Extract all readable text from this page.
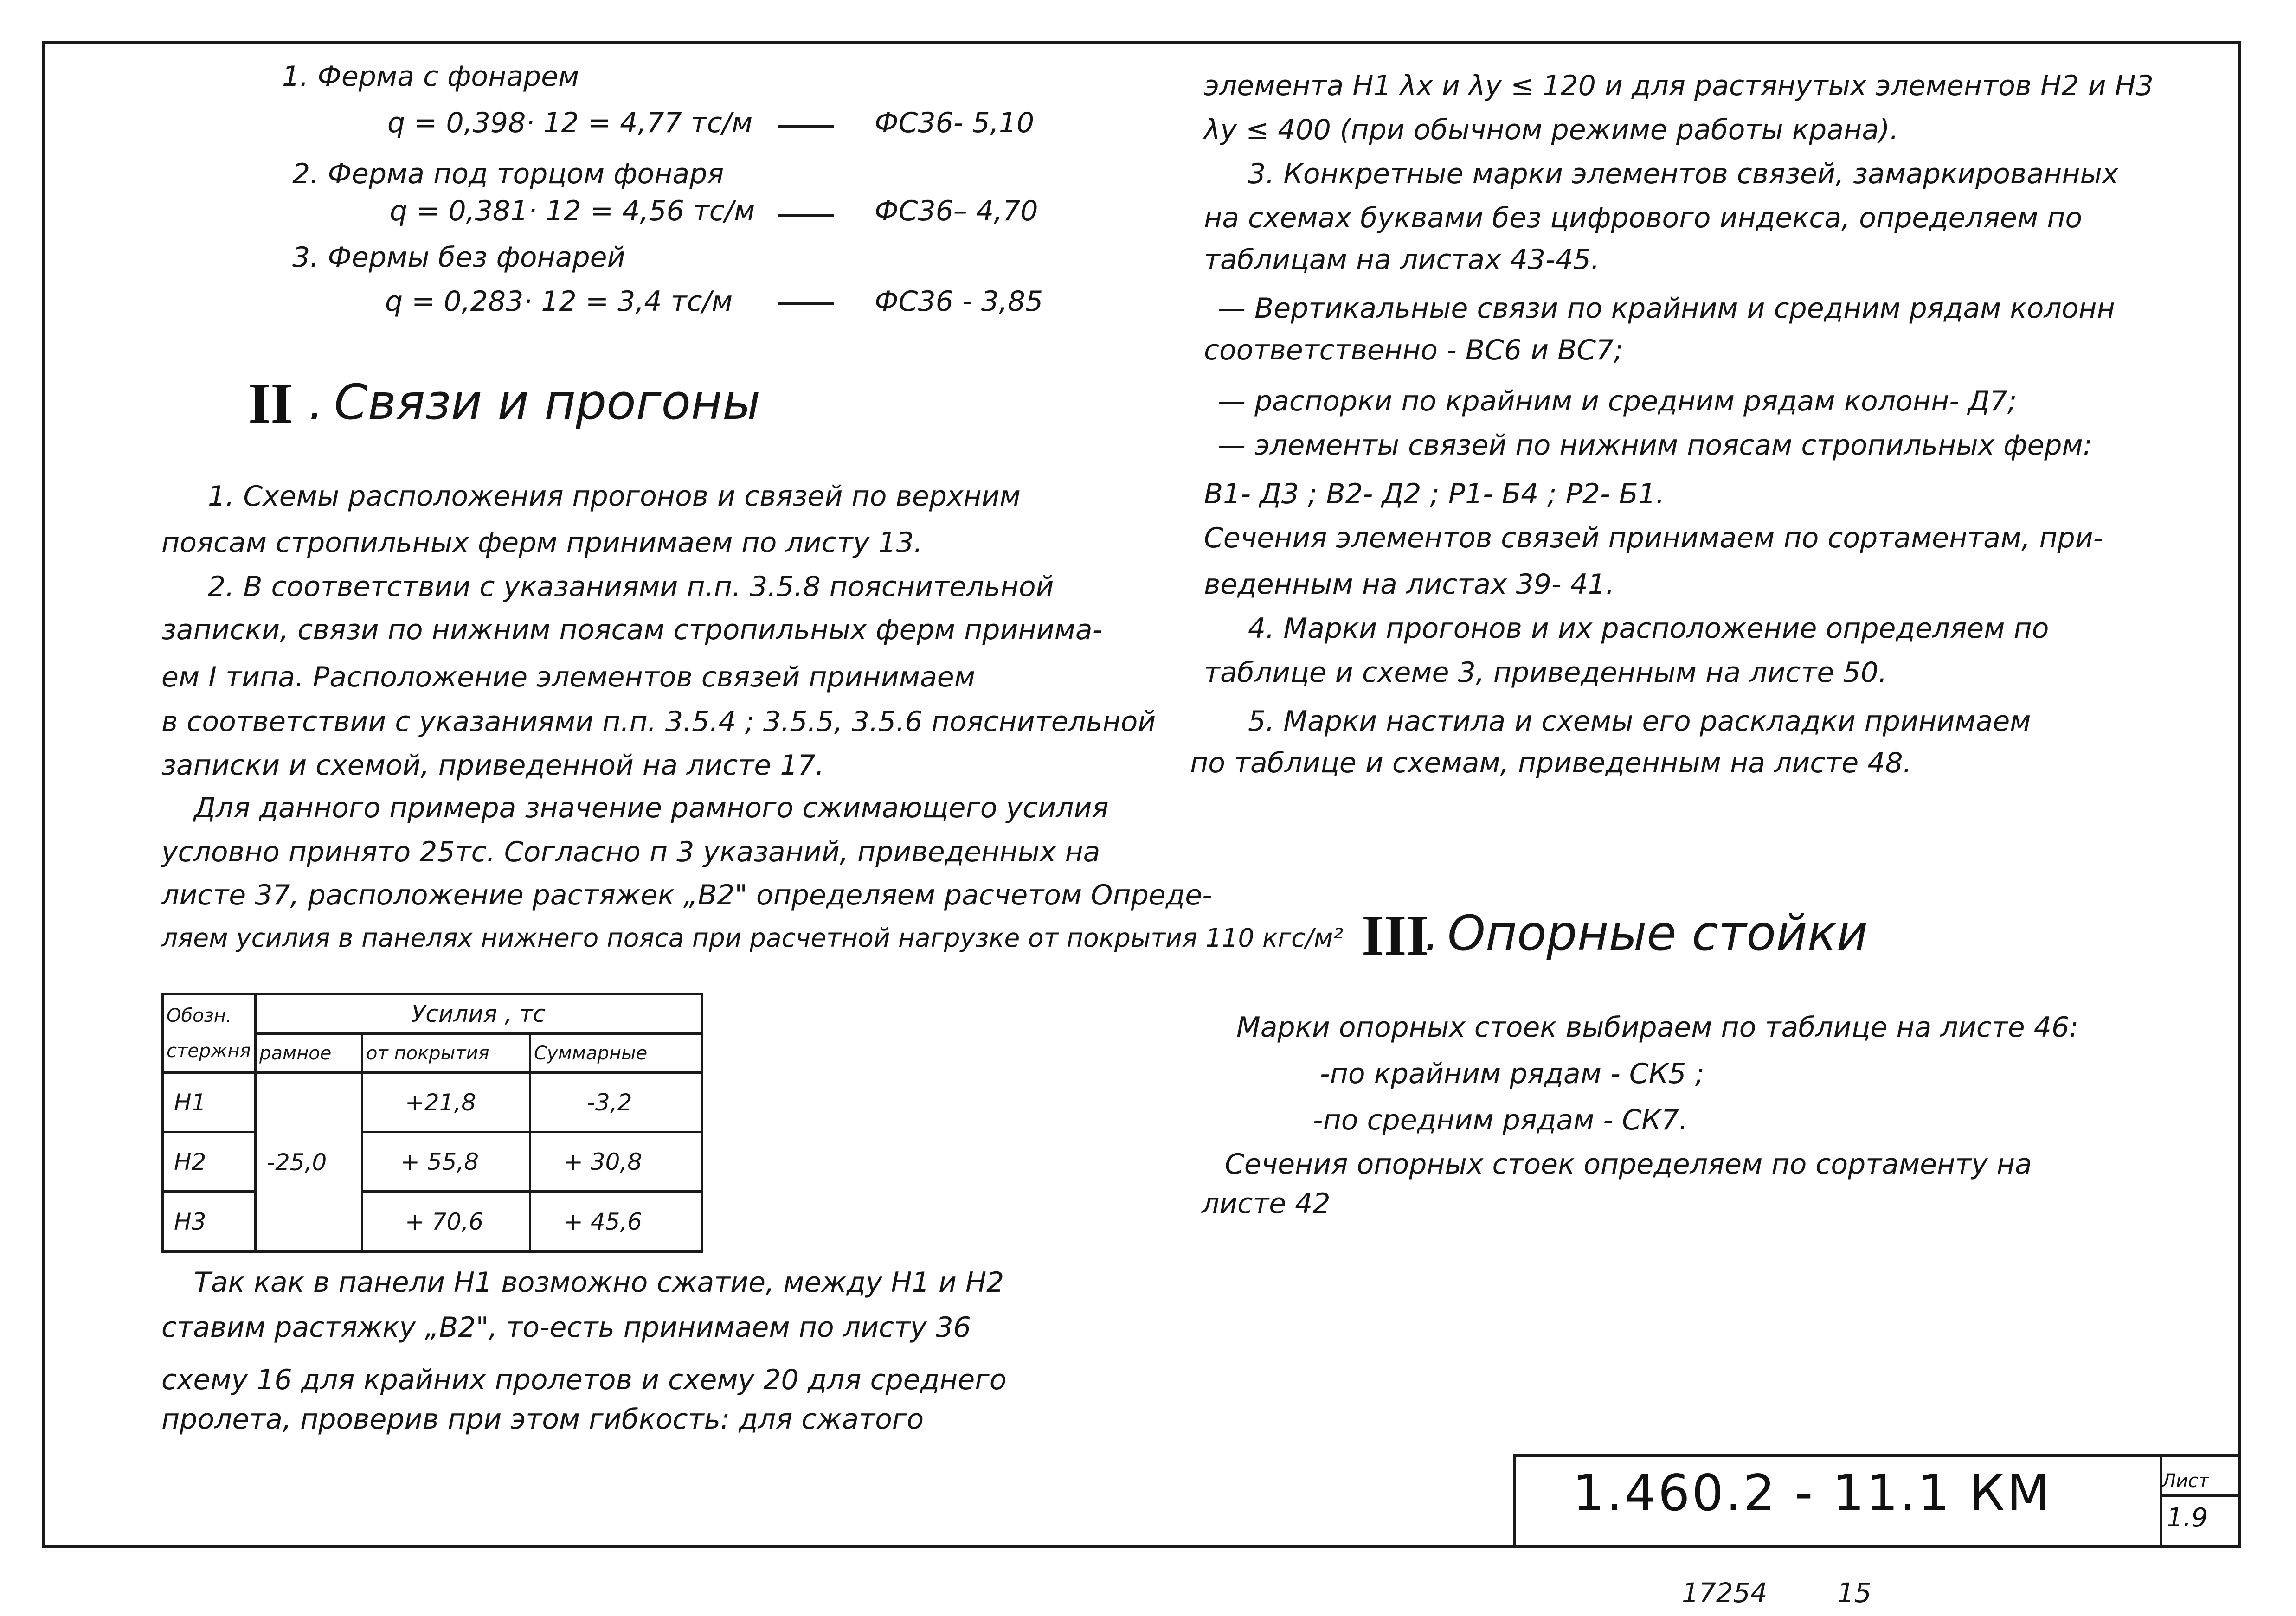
1. Ферма с фонарем
q = 0,398· 12 = 4,77 тс/м	ФС36- 5,10
2. Ферма под торцом фонаря
q = 0,381· 12 = 4,56 тс/м	ФС36– 4,70
3. Фермы без фонарей
q = 0,283· 12 = 3,4 тс/м	ФС36 - 3,85
II Связи и прогоны
.
1. Схемы расположения прогонов и связей по верхним
поясам стропильных ферм принимаем по листу 13.
2. В соответствии с указаниями п.п. 3.5.8 пояснительной
записки, связи по нижним поясам стропильных ферм принима-
ем I типа. Расположение элементов связей принимаем
в соответствии с указаниями п.п. 3.5.4 ; 3.5.5, 3.5.6 пояснительной
записки и схемой, приведенной на листе 17.
Для данного примера значение рамного сжимающего усилия
условно принято 25тс. Согласно п 3 указаний, приведенных на
листе 37, расположение растяжек „В2" определяем расчетом Опреде-
ляем усилия в панелях нижнего пояса при расчетной нагрузке от покрытия 110 кгс/м²
Обозн. стержня	Усилия , тс		
	рамное	от покрытия	Суммарные
Н1	-25,0	+21,8	-3,2
Н2		+ 55,8	+ 30,8
Н3		+ 70,6	+ 45,6
Так как в панели Н1 возможно сжатие, между Н1 и Н2
ставим растяжку „В2", то-есть принимаем по листу 36
схему 16 для крайних пролетов и схему 20 для среднего
пролета, проверив при этом гибкость: для сжатого
элемента Н1 λx и λy ≤ 120 и для растянутых элементов Н2 и Н3
λy ≤ 400 (при обычном режиме работы крана).
3. Конкретные марки элементов связей, замаркированных
на схемах буквами без цифрового индекса, определяем по
таблицам на листах 43-45.
— Вертикальные связи по крайним и средним рядам колонн
соответственно - ВС6 и ВС7;
— распорки по крайним и средним рядам колонн- Д7;
— элементы связей по нижним поясам стропильных ферм:
В1- Д3 ; В2- Д2 ; Р1- Б4 ; Р2- Б1.
Сечения элементов связей принимаем по сортаментам, при-
веденным на листах 39- 41.
4. Марки прогонов и их расположение определяем по
таблице и схеме 3, приведенным на листе 50.
5. Марки настила и схемы его раскладки принимаем
по таблице и схемам, приведенным на листе 48.
III
. Опорные стойки
Марки опорных стоек выбираем по таблице на листе 46:
-по крайним рядам - СК5 ;
-по средним рядам - СК7.
Сечения опорных стоек определяем по сортаменту на
листе 42
1.460.2 - 11.1 КМ	Лист
1.9
17254	15
